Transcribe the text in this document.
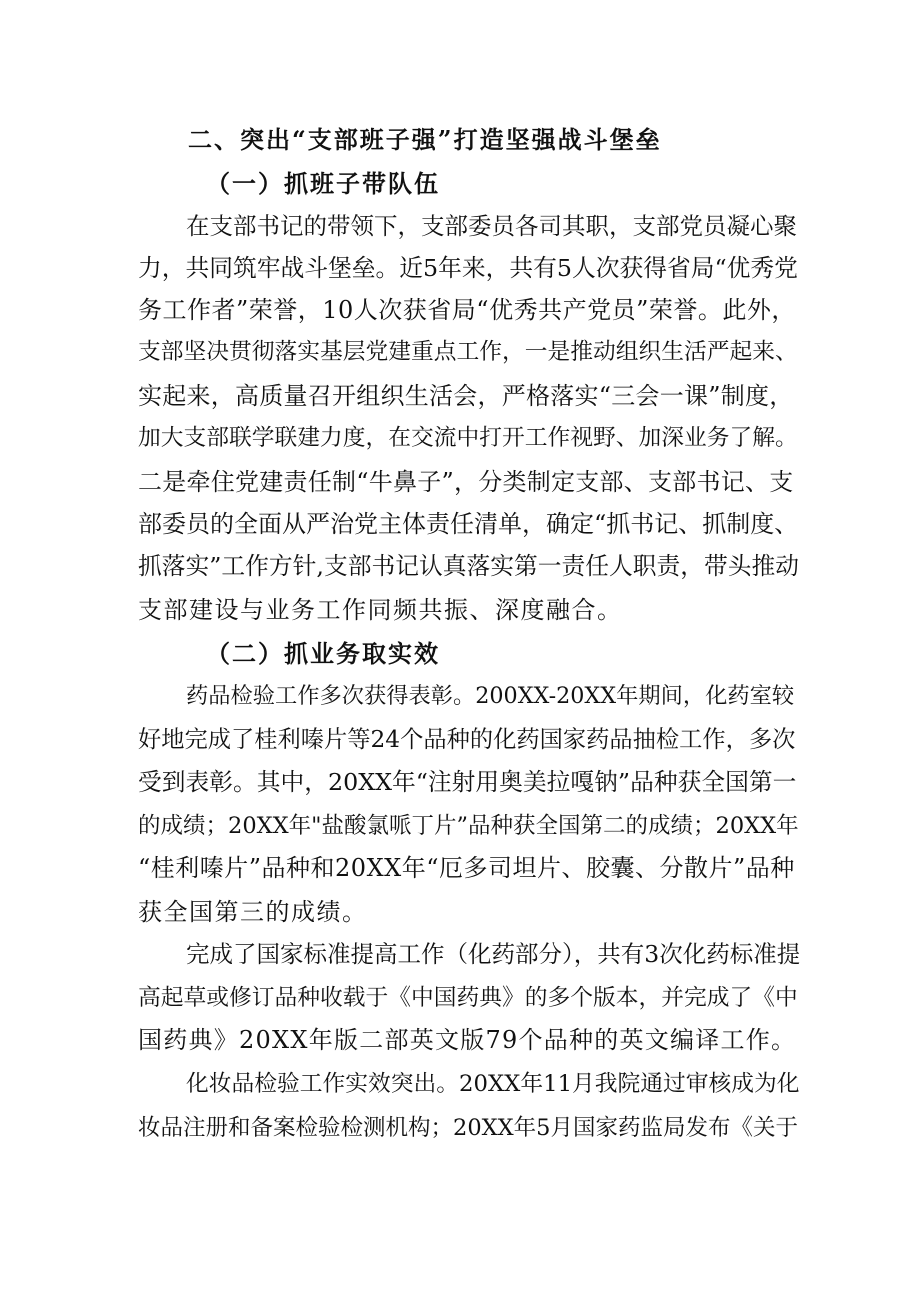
二、突出“支部班子强”打造坚强战斗堡垒
（一）抓班子带队伍
在支部书记的带领下，支部委员各司其职，支部党员凝心聚
力，共同筑牢战斗堡垒。近5年来，共有5人次获得省局“优秀党
务工作者”荣誉，10人次获省局“优秀共产党员”荣誉。此外，
支部坚决贯彻落实基层党建重点工作，一是推动组织生活严起来、
实起来，高质量召开组织生活会，严格落实“三会一课”制度，
加大支部联学联建力度，在交流中打开工作视野、加深业务了解。
二是牵住党建责任制“牛鼻子”，分类制定支部、支部书记、支
部委员的全面从严治党主体责任清单，确定“抓书记、抓制度、
抓落实”工作方针,支部书记认真落实第一责任人职责，带头推动
支部建设与业务工作同频共振、深度融合。
（二）抓业务取实效
药品检验工作多次获得表彰。200XX-20XX年期间，化药室较
好地完成了桂利嗪片等24个品种的化药国家药品抽检工作，多次
受到表彰。其中，20XX年“注射用奥美拉嘎钠”品种获全国第一
的成绩；20XX年"盐酸氯哌丁片”品种获全国第二的成绩；20XX年
“桂利嗪片”品种和20XX年“厄多司坦片、胶囊、分散片”品种
获全国第三的成绩。
完成了国家标准提高工作（化药部分），共有3次化药标准提
高起草或修订品种收载于《中国药典》的多个版本，并完成了《中
国药典》20XX年版二部英文版79个品种的英文编译工作。
化妆品检验工作实效突出。20XX年11月我院通过审核成为化
妆品注册和备案检验检测机构；20XX年5月国家药监局发布《关于
